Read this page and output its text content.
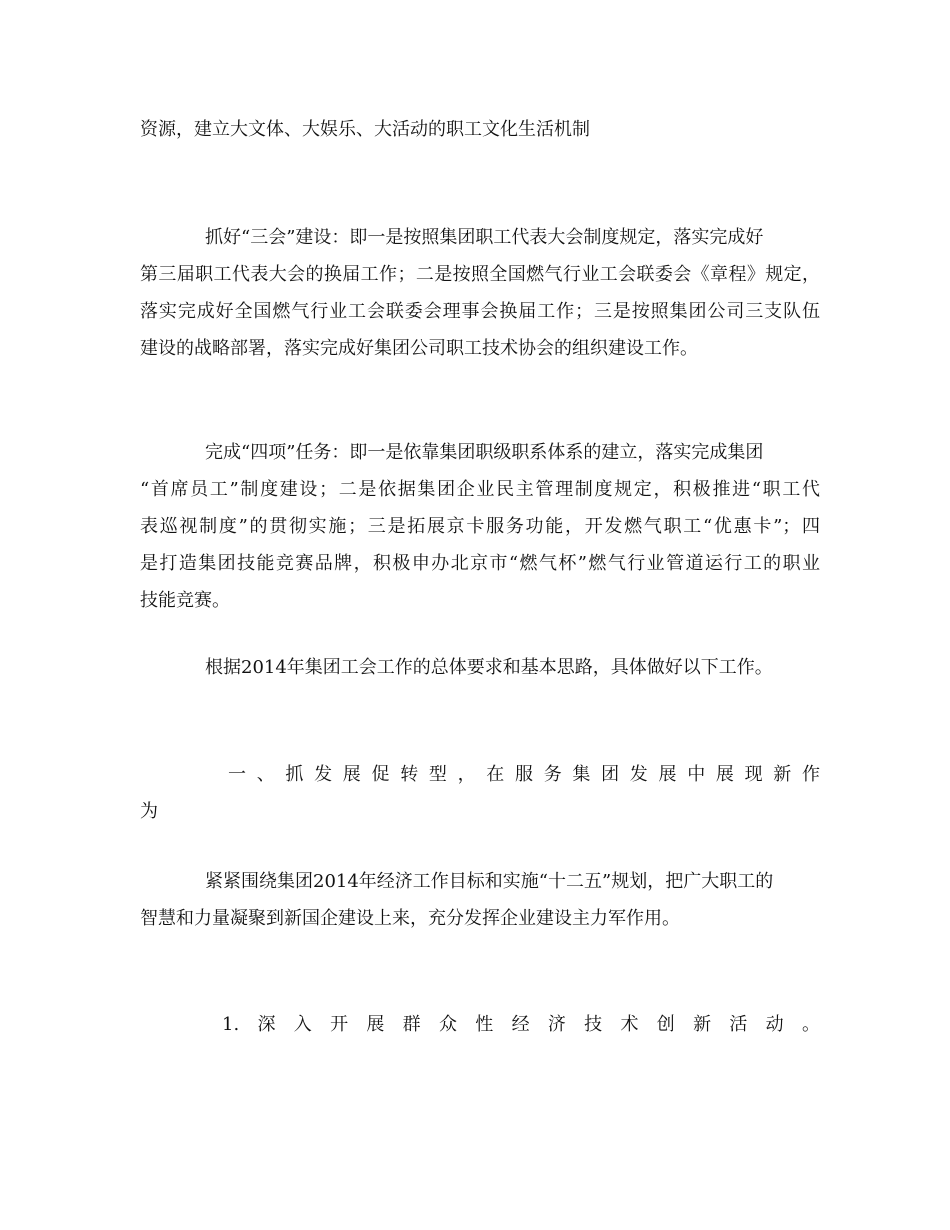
资源，建立大文体、大娱乐、大活动的职工文化生活机制
抓好“三会”建设：即一是按照集团职工代表大会制度规定，落实完成好
第三届职工代表大会的换届工作；二是按照全国燃气行业工会联委会《章程》规定，
落实完成好全国燃气行业工会联委会理事会换届工作；三是按照集团公司三支队伍
建设的战略部署，落实完成好集团公司职工技术协会的组织建设工作。
完成“四项”任务：即一是依靠集团职级职系体系的建立，落实完成集团
“首席员工”制度建设；二是依据集团企业民主管理制度规定，积极推进“职工代
表巡视制度”的贯彻实施；三是拓展京卡服务功能，开发燃气职工“优惠卡”；四
是打造集团技能竞赛品牌，积极申办北京市“燃气杯”燃气行业管道运行工的职业
技能竞赛。
根据2014年集团工会工作的总体要求和基本思路，具体做好以下工作。
一、抓发展促转型，在服务集团发展中展现新作
为
紧紧围绕集团2014年经济工作目标和实施“十二五”规划，把广大职工的
智慧和力量凝聚到新国企建设上来，充分发挥企业建设主力军作用。
1.深入开展群众性经济技术创新活动。
